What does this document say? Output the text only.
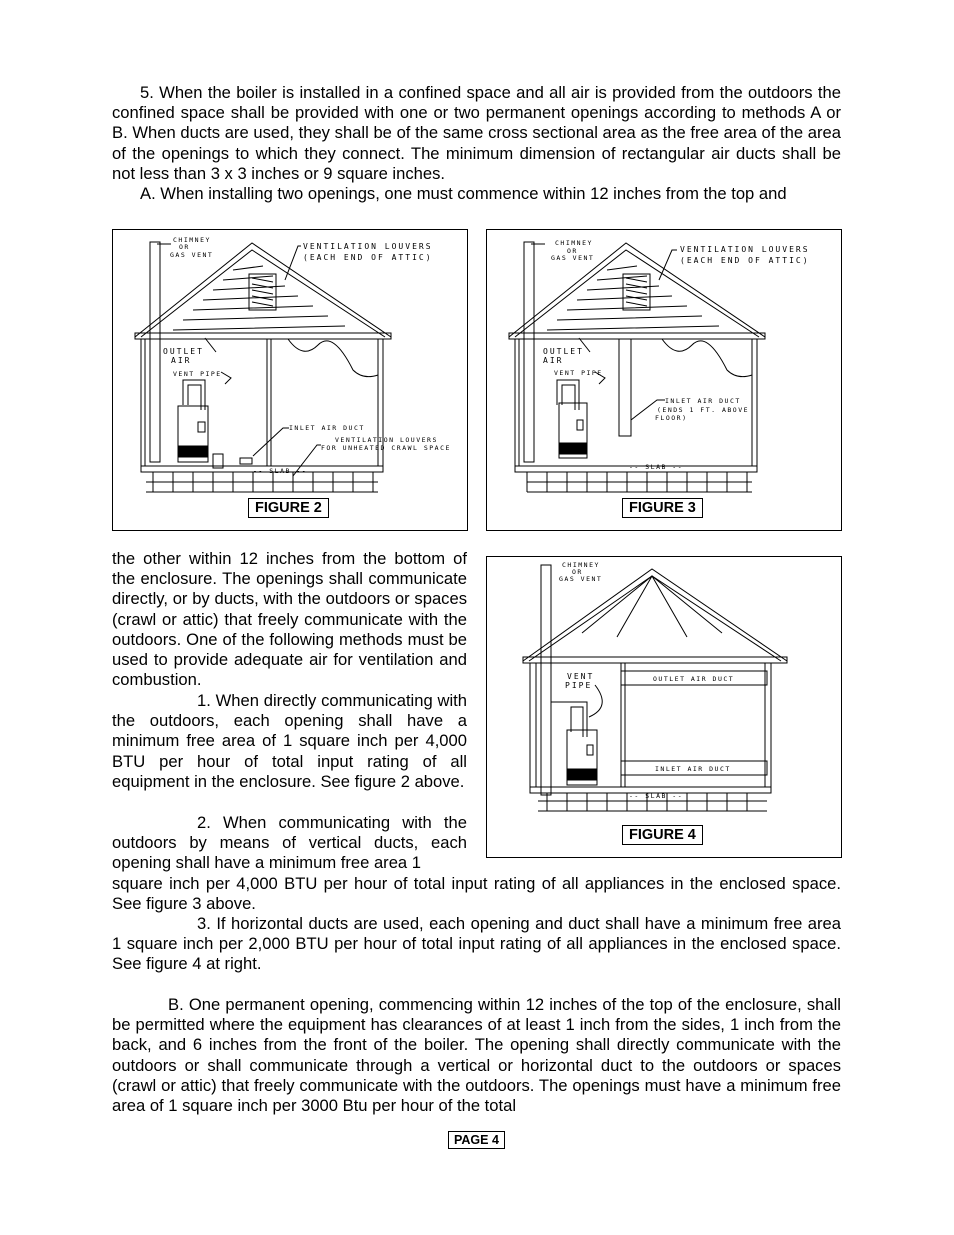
5. When the boiler is installed in a confined space and all air is provided from the outdoors the confined space shall be provided with one or two permanent openings according to methods A or B. When ducts are used, they shall be of the same cross sectional area as the free area of the area of the openings to which they connect. The minimum dimension of rectangular air ducts shall be not less than 3 x 3 inches or 9 square inches.

A. When installing two openings, one must commence within 12 inches from the top and

CHIMNEY
OR
GAS VENT
VENTILATION LOUVERS
(EACH END OF ATTIC)
OUTLET
AIR
VENT PIPE
INLET AIR DUCT
VENTILATION LOUVERS
FOR UNHEATED CRAWL SPACE
-- SLAB --
FIGURE 2
CHIMNEY
OR
GAS VENT
VENTILATION LOUVERS
(EACH END OF ATTIC)
OUTLET
AIR
VENT PIPE
INLET AIR DUCT
(ENDS 1 FT. ABOVE
FLOOR)
-- SLAB --
FIGURE 3

the other within 12 inches from the bottom of the enclosure. The openings shall communicate directly, or by ducts, with the outdoors or spaces (crawl or attic) that freely communicate with the outdoors. One of the following methods must be used to provide adequate air for ventilation and combustion.

1. When directly communicating with the outdoors, each opening shall have a minimum free area of 1 square inch per 4,000 BTU per hour of total input rating of all equipment in the enclosure. See figure 2 above.

2. When communicating with the outdoors by means of vertical ducts, each opening shall have a minimum free area 1

CHIMNEY
OR
GAS VENT
VENT
PIPE
OUTLET AIR DUCT
INLET AIR DUCT
-- SLAB --
FIGURE 4

square inch per 4,000 BTU per hour of total input rating of all appliances in the enclosed space. See figure 3 above.

3. If horizontal ducts are used, each opening and duct shall have a minimum free area 1 square inch per 2,000 BTU per hour of total input rating of all appliances in the enclosed space. See figure 4 at right.

B. One permanent opening, commencing within 12 inches of the top of the enclosure, shall be permitted where the equipment has clearances of at least 1 inch from the sides, 1 inch from the back, and 6 inches from the front of the boiler. The opening shall directly communicate with the outdoors or shall communicate through a vertical or horizontal duct to the outdoors or spaces (crawl or attic) that freely communicate with the outdoors. The openings must have a minimum free area of 1 square inch per 3000 Btu per hour of the total

PAGE 4
